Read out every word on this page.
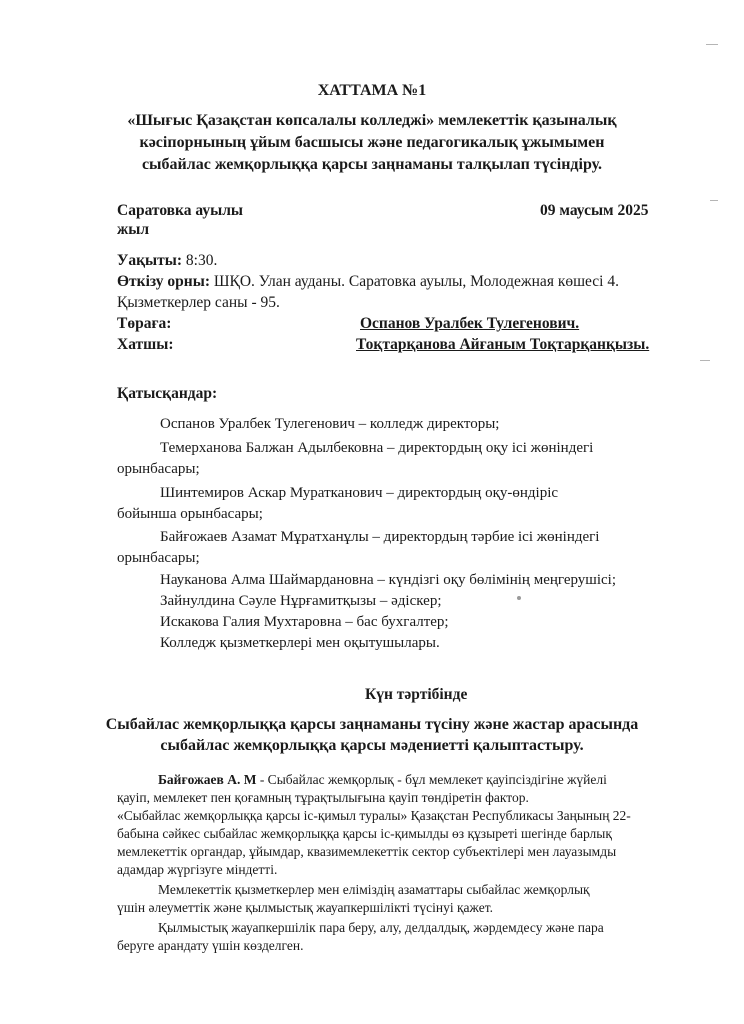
ХАТТАМА №1
«Шығыс Қазақстан көпсалалы колледжі» мемлекеттік қазыналық
кәсіпорнының ұйым басшысы және педагогикалық ұжымымен
сыбайлас жемқорлыққа қарсы заңнаманы талқылап түсіндіру.
Саратовка ауылы
жыл
09 маусым 2025
Уақыты: 8:30.
Өткізу орны: ШҚО. Улан ауданы. Саратовка ауылы, Молодежная көшесі 4.
Қызметкерлер саны - 95.
Төраға:	Оспанов Уралбек Тулегенович.
Хатшы:	Тоқтарқанова Айғаным Тоқтарқанқызы.
Қатысқандар:
Оспанов Уралбек Тулегенович – колледж директоры;
Темерханова Балжан Адылбековна – директордың оқу ісі жөніндегі
орынбасары;
Шинтемиров Аскар Муратканович – директордың оқу-өндіріс
бойынша орынбасары;
Байғожаев Азамат Мұратханұлы – директордың тәрбие ісі жөніндегі
орынбасары;
Науканова Алма Шаймардановна – күндізгі оқу бөлімінің меңгерушісі;
Зайнулдина Сәуле Нұрғамитқызы – әдіскер;
Искакова Галия Мухтаровна – бас бухгалтер;
Колледж қызметкерлері мен оқытушылары.
Күн тәртібінде
Сыбайлас жемқорлыққа қарсы заңнаманы түсіну және жастар арасында
сыбайлас жемқорлыққа қарсы мәдениетті қалыптастыру.
Байғожаев А. М - Сыбайлас жемқорлық - бұл мемлекет қауіпсіздігіне жүйелі
қауіп, мемлекет пен қоғамның тұрақтылығына қауіп төндіретін фактор.
«Сыбайлас жемқорлыққа қарсы іс-қимыл туралы» Қазақстан Республикасы Заңының 22-
бабына сәйкес сыбайлас жемқорлыққа қарсы іс-қимылды өз құзыреті шегінде барлық
мемлекеттік органдар, ұйымдар, квазимемлекеттік сектор субъектілері мен лауазымды
адамдар жүргізуге міндетті.
Мемлекеттік қызметкерлер мен еліміздің азаматтары сыбайлас жемқорлық
үшін әлеуметтік және қылмыстық жауапкершілікті түсінуі қажет.
Қылмыстық жауапкершілік пара беру, алу, делдалдық, жәрдемдесу және пара
беруге арандату үшін көзделген.
